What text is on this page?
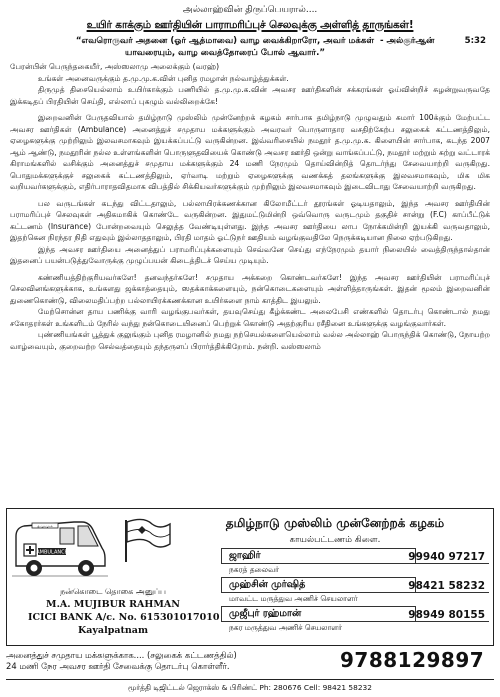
அல்லாஹ்வின் திருப்பெயரால்....
உயிர் காக்கும் ஊர்தியின் பாராமரிப்புச் செலவுக்கு அள்ளித் தாருங்கள்!
“எவரொருவர் அதனை (ஓர் ஆத்மாவை) வாழ வைக்கிறாரோ, அவர் மக்கள்
யாவரையும், வாழ வைத்தோரைப் போல் ஆவார்.”
- அல்குர்ஆன்	5:32

பேரன்பின் பெருந்தகையீர், அஸ்ஸலாமு அலைக்கும் (வரஹ்)

உங்கள் அனைவருக்கும் த.மு.மு.க.வின் புனித ரமழான் நல்வாழ்த்துக்கள்.

திருமுத் திசையெல்லாம் உயிர்காக்கும் பணியில் த.மு.மு.க.வின் அவசர ஊர்திகளின் சக்கரங்கள் ஓய்வின்றிச் சுழன்றுவருவதே இக்கடிதப் பிரதியின் செய்தி, எல்லாப் புகழும் வல்லிறைக்கே!

இறைவனின் பேருதவியால் தமிழ்நாடு முஸ்லிம் முன்னேற்றக் கழகம் சார்பாக தமிழ்நாடு முழுவதும் சுமார் 100க்கும் மேற்பட்ட அவசர ஊர்திகள் (Ambulance) அனைத்துச் சமுதாய மக்களுக்கும் அவரவர் பொருளாதார வசதிற்கேற்ப சலுகைக் கட்டணத்திலும், ஏழைகளுக்கு முற்றிலும் இலவசமாகவும் இயக்கப்பட்டு வருகின்றன. இவ்வரிசையில் நமதூர் த.மு.மு.க. கிளையின் சார்பாக, கடந்த 2007 ஆம் ஆண்டு, நமதூரின் நல்ல உள்ளங்களின் பொருளுதவியைக் கொண்டு அவசர ஊர்தி ஒன்று வாங்கப்பட்டு, நமதூர் மற்றும் சுற்று வட்டாரக் கிராமங்களில் வசிக்கும் அனைத்துச் சமுதாய மக்களுக்கும் 24 மணி நேரமும் தொய்வின்றித் தொடர்ந்து சேவையாற்றி வருகிறது. பொதுமக்களுக்குச் சலுகைக் கட்டணத்திலும், ஏர்வாடி மற்றும் ஏழைகளுக்கு வணக்கத் தலங்களுக்கு இலவசமாகவும், மிக மிக வறியவர்களுக்கும், எதிர்பாராதவிதமாக விபத்தில் சிக்கியவர்களுக்கும் முற்றிலும் இலவசமாகவும் இடைவிடாது சேவையாற்றி வருகிறது.

பல வருடங்கள் கடந்து விட்டதாலும், பல்லாயிரக்கணக்கான கிலோமீட்டர் தூரங்கள் ஓடியதாலும், இந்த அவசர ஊர்தியின் பராமரிப்புச் செலவுகள் அதிகமாகிக் கொண்டே வருகின்றன. இதுமட்டுமின்றி ஒவ்வொரு வருடமும் தகுதிச் சான்று (F.C) காப்பீட்டுக் கட்டணம் (Insurance) போன்றவையும் செலுத்த வேண்டியுள்ளது. இந்த அவசர ஊர்தியை லாப நோக்கமின்றி இயக்கி வருவதாலும், இதற்கென நிரந்தர நிதி எதுவும் இல்லாததாலும், பிரதி மாதம் ஓட்டுநர் ஊதியம் வழங்குவதிலே நெருக்கடியான நிலை ஏற்படுகிறது.

இந்த அவசர ஊர்தியை அனைத்துப் பராமரிப்புக்களையும் செவ்வனே செய்து எந்நேரமும் தயார் நிலையில் வைத்திருந்தால்தான் இதனைப் பயன்படுத்துவோருக்கு முழுப்பயன் கிடைத்திடச் செய்ய முடியும்.

கண்ணியத்திற்குரியவர்களே! தனவந்தர்களே! சமுதாய அக்கறை கொண்டவர்களே! இந்த அவசர ஊர்தியின் பராமரிப்புச் செலவினங்களுக்காக, உங்களது ஜக்காத்தையும், ஸதக்காக்களையும், நன்கொடைகளையும் அள்ளித்தாருங்கள். இதன் மூலம் இறைவனின் துணைகொண்டு, விலைமதிப்பற்ற பல்லாயிரக்கணக்கான உயிர்களை நாம் காத்திட இயலும்.

மேற்சொன்ன தாய பணிக்கு வாரி வழங்குபவர்கள், தயவுசெய்து கீழ்க்கண்ட அலைபேசி எண்களில் தொடர்பு கொண்டால் நமது சகோதரர்கள் உங்களிடம் நேரில் வந்து நன்கொடையினைப் பெற்றுக் கொண்டு அதற்குரிய ரசீதினை உங்களுக்கு வழங்குவார்கள்.

புண்ணியங்கள் பூத்துக் குலுங்கும் புனித ரமழானில் நமது நற்செயல்களையெல்லாம் வல்ல அல்லாஹ் பொருந்திக் கொண்டு, நோயற்ற வாழ்வையும், குறைவற்ற செல்வத்தையும் தந்தருளப் பிரார்த்திக்கிறோம். நன்றி. வஸ்ஸலாம்

AMBULANCE
த.மு.மு.க	தமிழ்நாடு முஸ்லிம் முன்னேற்றக் கழகம்
காயல்பட்டணம் கிளை.
ஜாஹிர்	99940 97217
நகரத் தலைவர்
முஹ்சின் முர்ஷித்	98421 58232
மாவட்ட மருத்துவ அணிச் செயலாளர்
முஜீபுர் ரஹ்மான்	98949 80155
நகர மருத்துவ அணிச் செயலாளர்
நன்கொடை தொகை அனுப்ப
M.A. MUJIBUR RAHMAN
ICICI BANK A/c. No. 615301017010
Kayalpatnam
அனைத்துச் சமுதாய மக்களுக்காக.... (சலுகைக் கட்டணத்தில்)
24 மணி நேர அவசர ஊர்தி சேவைக்கு தொடர்பு கொள்ளீர்.	9788129897
மூர்த்தி டிஜிட்டல் ஜெராக்ஸ் & பிரிண்ட் Ph: 280676 Cell: 98421 58232
